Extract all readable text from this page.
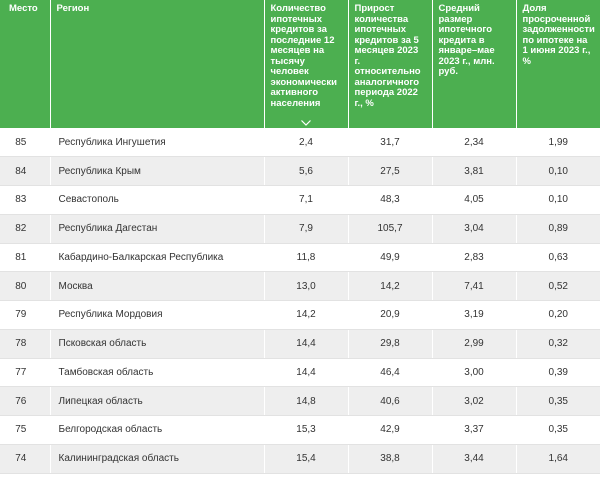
Место	Регион	Количество ипотечных кредитов за последние 12 месяцев на тысячу человек экономически активного населения	Прирост количества ипотечных кредитов за 5 месяцев 2023 г. относительно аналогичного периода 2022 г., %	Средний размер ипотечного кредита в январе–мае 2023 г., млн. руб.	Доля просроченной задолженности по ипотеке на 1 июня 2023 г., %

85	Республика Ингушетия	2,4	31,7	2,34	1,99
84	Республика Крым	5,6	27,5	3,81	0,10
83	Севастополь	7,1	48,3	4,05	0,10
82	Республика Дагестан	7,9	105,7	3,04	0,89
81	Кабардино-Балкарская Республика	11,8	49,9	2,83	0,63
80	Москва	13,0	14,2	7,41	0,52
79	Республика Мордовия	14,2	20,9	3,19	0,20
78	Псковская область	14,4	29,8	2,99	0,32
77	Тамбовская область	14,4	46,4	3,00	0,39
76	Липецкая область	14,8	40,6	3,02	0,35
75	Белгородская область	15,3	42,9	3,37	0,35
74	Калининградская область	15,4	38,8	3,44	1,64
